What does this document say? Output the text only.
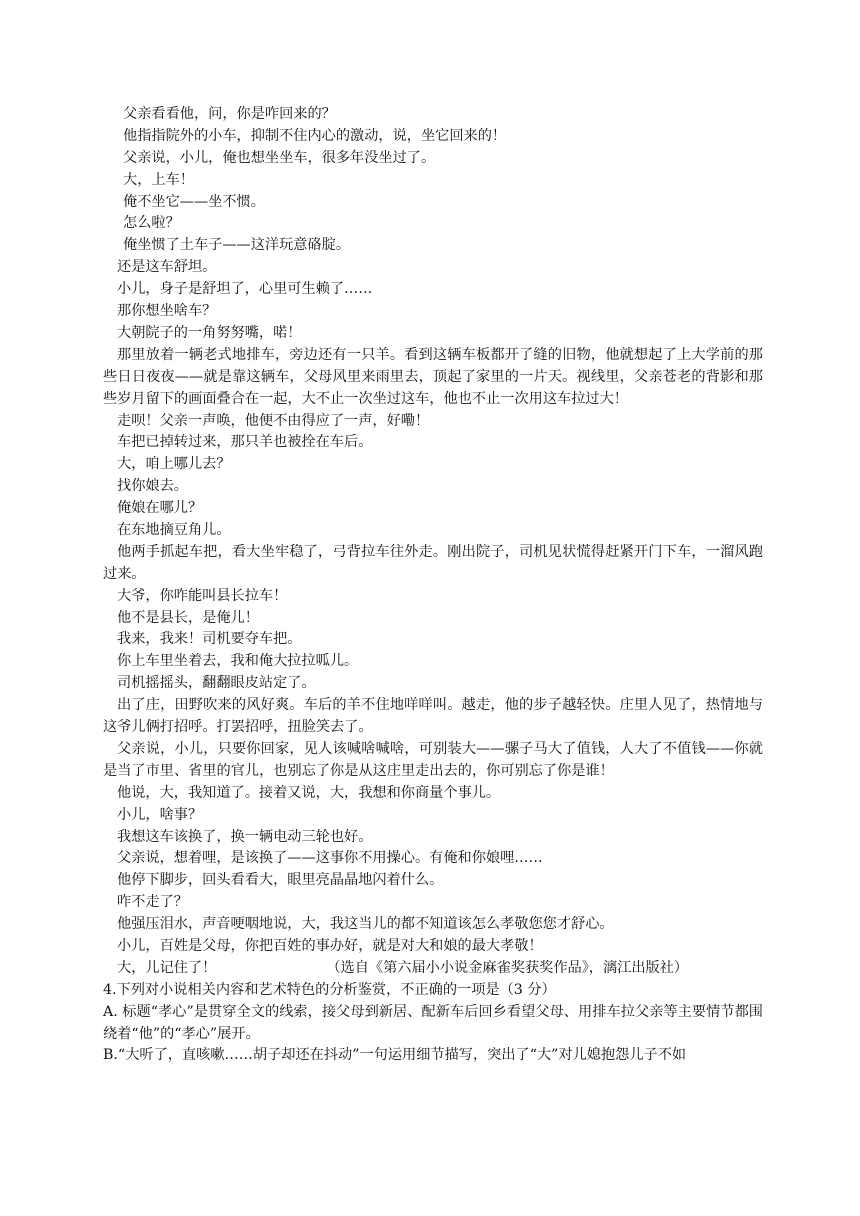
父亲看看他，问，你是咋回来的？
他指指院外的小车，抑制不住内心的激动，说，坐它回来的！
父亲说，小儿，俺也想坐坐车，很多年没坐过了。
大，上车！
俺不坐它——坐不惯。
怎么啦？
俺坐惯了土车子——这洋玩意硌腚。
还是这车舒坦。
小儿，身子是舒坦了，心里可生赖了……
那你想坐啥车？
大朝院子的一角努努嘴，喏！
那里放着一辆老式地排车，旁边还有一只羊。看到这辆车板都开了缝的旧物，他就想起了上大学前的那些日日夜夜——就是靠这辆车，父母风里来雨里去，顶起了家里的一片天。视线里，父亲苍老的背影和那些岁月留下的画面叠合在一起，大不止一次坐过这车，他也不止一次用这车拉过大！
走呗！父亲一声唤，他便不由得应了一声，好嘞！
车把已掉转过来，那只羊也被拴在车后。
大，咱上哪儿去？
找你娘去。
俺娘在哪儿？
在东地摘豆角儿。
他两手抓起车把，看大坐牢稳了，弓背拉车往外走。刚出院子，司机见状慌得赶紧开门下车，一溜风跑过来。
大爷，你咋能叫县长拉车！
他不是县长，是俺儿！
我来，我来！司机要夺车把。
你上车里坐着去，我和俺大拉拉呱儿。
司机摇摇头，翻翻眼皮站定了。
出了庄，田野吹来的风好爽。车后的羊不住地咩咩叫。越走，他的步子越轻快。庄里人见了，热情地与这爷儿俩打招呼。打罢招呼，扭脸笑去了。
父亲说，小儿，只要你回家，见人该喊啥喊啥，可别装大——骡子马大了值钱，人大了不值钱——你就是当了市里、省里的官儿，也别忘了你是从这庄里走出去的，你可别忘了你是谁！
他说，大，我知道了。接着又说，大，我想和你商量个事儿。
小儿，啥事？
我想这车该换了，换一辆电动三轮也好。
父亲说，想着哩，是该换了——这事你不用操心。有俺和你娘哩……
他停下脚步，回头看看大，眼里亮晶晶地闪着什么。
咋不走了？
他强压泪水，声音哽咽地说，大，我这当儿的都不知道该怎么孝敬您您才舒心。
小儿，百姓是父母，你把百姓的事办好，就是对大和娘的最大孝敬！
大，儿记住了！	（选自《第六届小小说金麻雀奖获奖作品》，漓江出版社）
4.下列对小说相关内容和艺术特色的分析鉴赏，不正确的一项是（3 分）
A. 标题“孝心”是贯穿全文的线索，接父母到新居、配新车后回乡看望父母、用排车拉父亲等主要情节都围绕着“他”的“孝心”展开。
B.“大听了，直咳嗽……胡子却还在抖动”一句运用细节描写，突出了“大”对儿媳抱怨儿子不如
